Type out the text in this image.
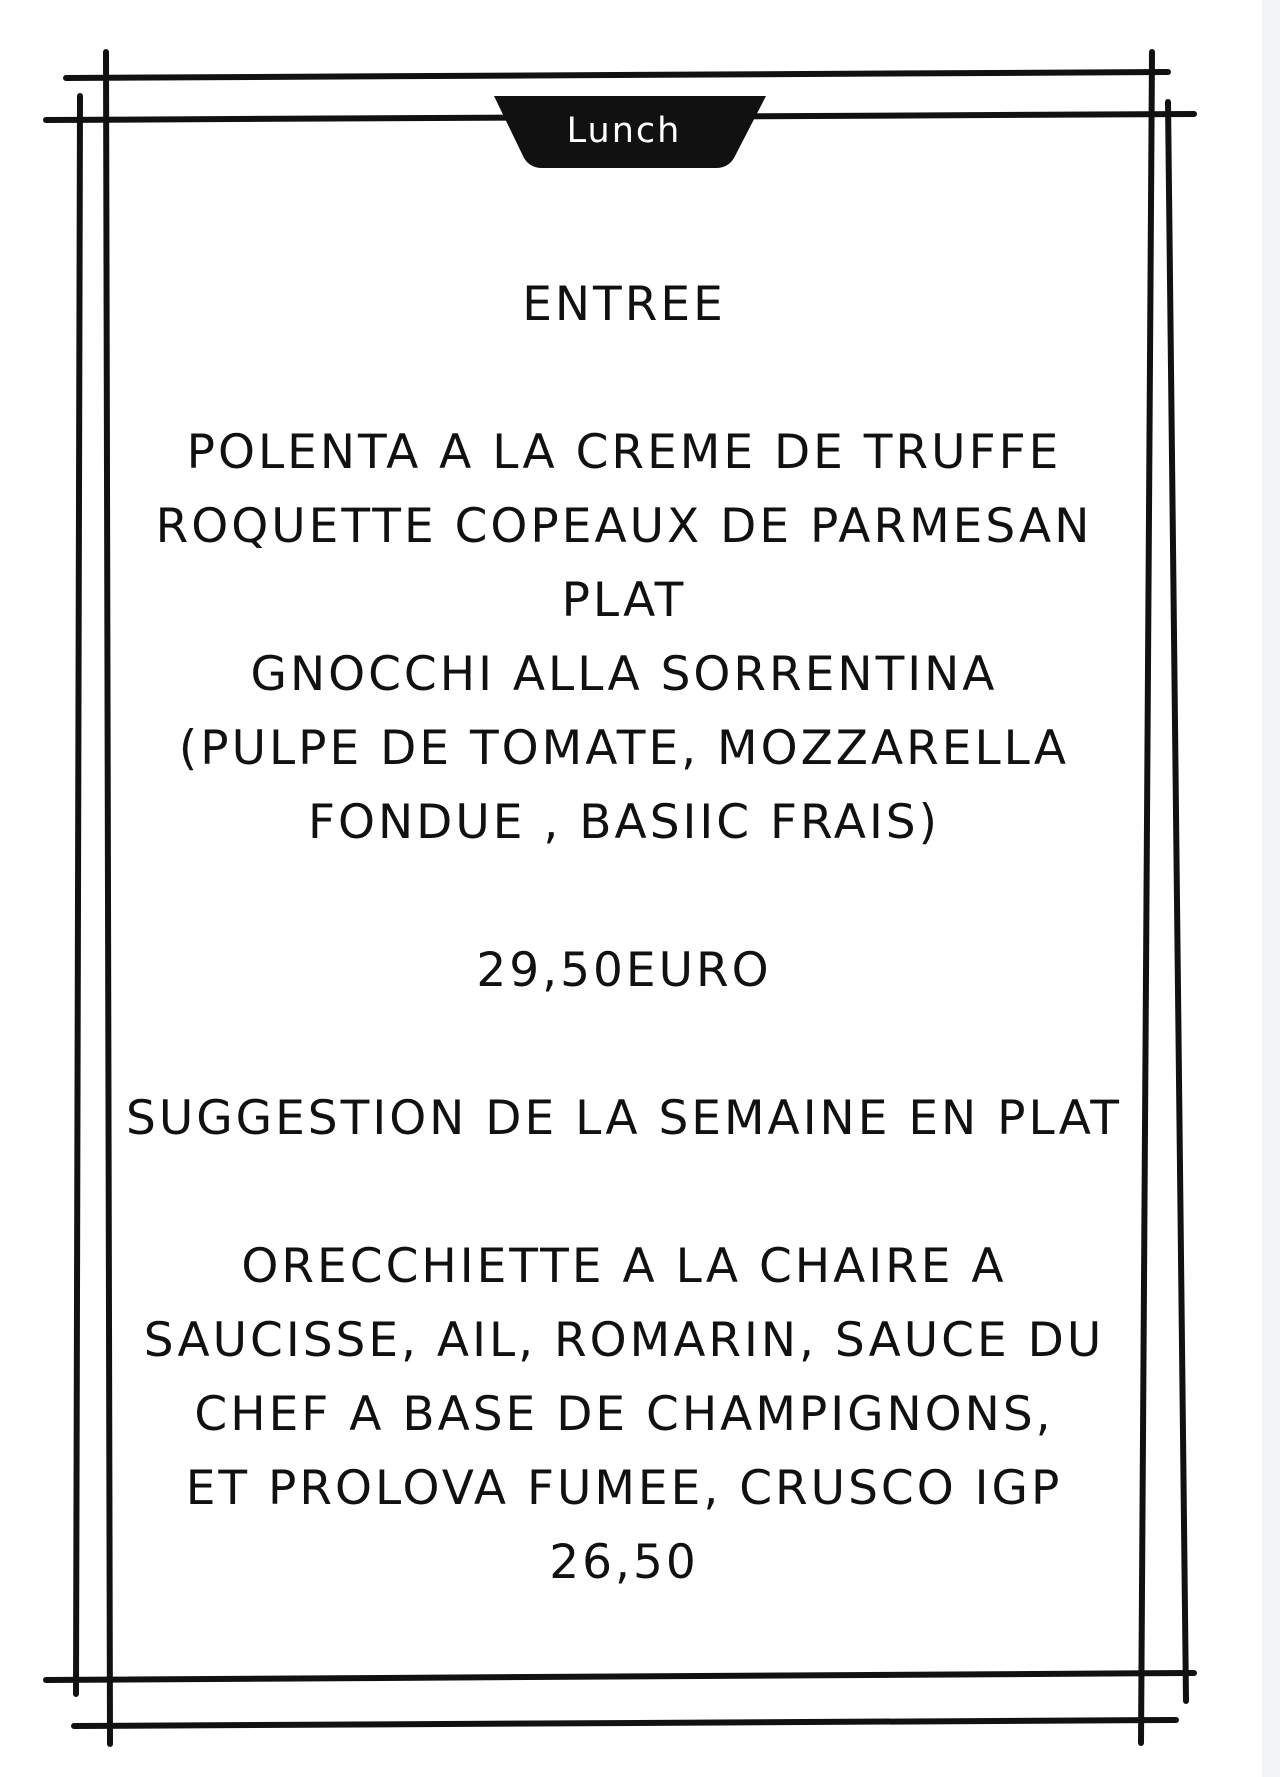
Lunch
ENTREE
POLENTA A LA CREME DE TRUFFE
ROQUETTE COPEAUX DE PARMESAN
PLAT
GNOCCHI ALLA SORRENTINA
(PULPE DE TOMATE, MOZZARELLA
FONDUE , BASIIC FRAIS)
29,50EURO
SUGGESTION DE LA SEMAINE EN PLAT
ORECCHIETTE A LA CHAIRE A
SAUCISSE, AIL, ROMARIN, SAUCE DU
CHEF A BASE DE CHAMPIGNONS,
ET PROLOVA FUMEE, CRUSCO IGP
26,50
